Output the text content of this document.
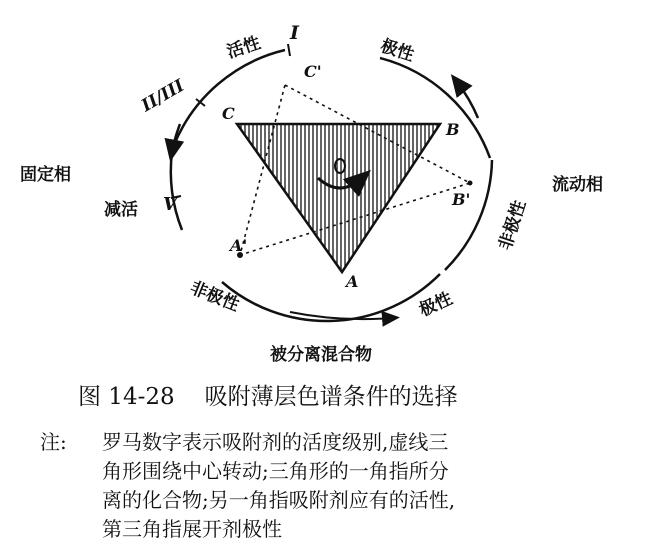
活性
I
II/III
固定相
减活 V
极性
流动相
非极性
非极性	极性
被分离混合物
C
B
A
C'
B'
A'
图 14-28 吸附薄层色谱条件的选择
注: 罗马数字表示吸附剂的活度级别,虚线三
角形围绕中心转动;三角形的一角指所分
离的化合物;另一角指吸附剂应有的活性,
第三角指展开剂极性
